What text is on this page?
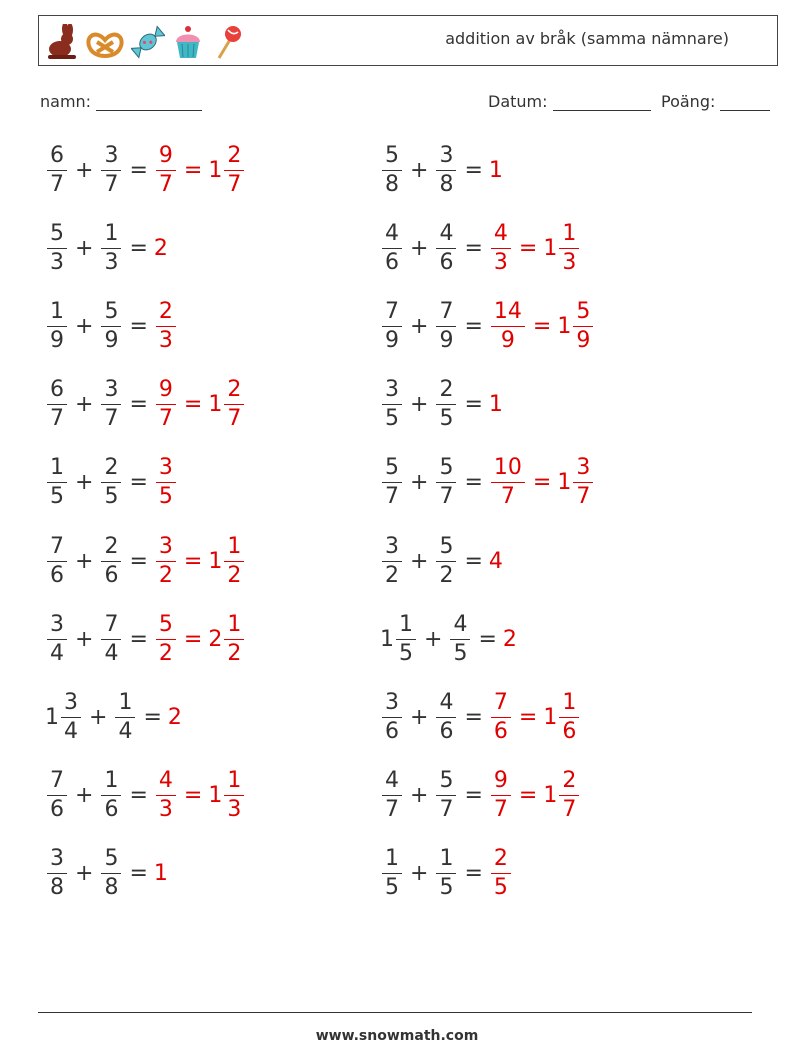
addition av bråk (samma nämnare)
namn:	Datum:	Poäng:
$\frac{6}{7} + \frac{3}{7} = \frac{9}{7} = 1 \frac{2}{7}$	$\frac{5}{8} + \frac{3}{8} = 1$
$\frac{5}{3} + \frac{1}{3} = 2$	$\frac{4}{6} + \frac{4}{6} = \frac{4}{3} = 1 \frac{1}{3}$
$\frac{1}{9} + \frac{5}{9} = \frac{2}{3}$	$\frac{7}{9} + \frac{7}{9} = \frac{14}{9} = 1 \frac{5}{9}$
$\frac{6}{7} + \frac{3}{7} = \frac{9}{7} = 1 \frac{2}{7}$	$\frac{3}{5} + \frac{2}{5} = 1$
$\frac{1}{5} + \frac{2}{5} = \frac{3}{5}$	$\frac{5}{7} + \frac{5}{7} = \frac{10}{7} = 1 \frac{3}{7}$
$\frac{7}{6} + \frac{2}{6} = \frac{3}{2} = 1 \frac{1}{2}$	$\frac{3}{2} + \frac{5}{2} = 4$
$\frac{3}{4} + \frac{7}{4} = \frac{5}{2} = 2 \frac{1}{2}$	$1 \frac{1}{5} + \frac{4}{5} = 2$
$1 \frac{3}{4} + \frac{1}{4} = 2$	$\frac{3}{6} + \frac{4}{6} = \frac{7}{6} = 1 \frac{1}{6}$
$\frac{7}{6} + \frac{1}{6} = \frac{4}{3} = 1 \frac{1}{3}$	$\frac{4}{7} + \frac{5}{7} = \frac{9}{7} = 1 \frac{2}{7}$
$\frac{3}{8} + \frac{5}{8} = 1$	$\frac{1}{5} + \frac{1}{5} = \frac{2}{5}$
www.snowmath.com
